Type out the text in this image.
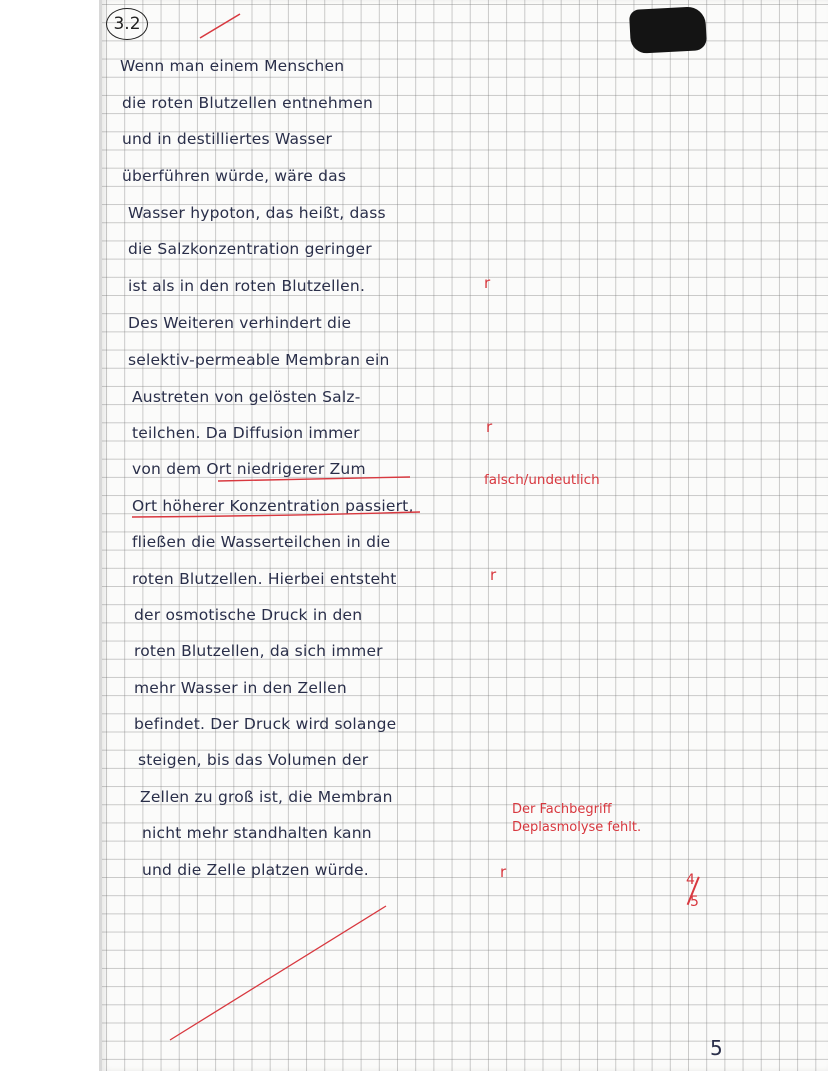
3.2
Wenn man einem Menschen
die roten Blutzellen entnehmen
und in destilliertes Wasser
überführen würde, wäre das
Wasser hypoton, das heißt, dass
die Salzkonzentration geringer
ist als in den roten Blutzellen.
Des Weiteren verhindert die
selektiv-permeable Membran ein
Austreten von gelösten Salz-
teilchen. Da Diffusion immer
von dem Ort niedrigerer Zum
Ort höherer Konzentration passiert,
fließen die Wasserteilchen in die
roten Blutzellen. Hierbei entsteht
der osmotische Druck in den
roten Blutzellen, da sich immer
mehr Wasser in den Zellen
befindet. Der Druck wird solange
steigen, bis das Volumen der
Zellen zu groß ist, die Membran
nicht mehr standhalten kann
und die Zelle platzen würde.
r
r
r
r
falsch/undeutlich
Der Fachbegriff
Deplasmolyse fehlt.
4
5
5
